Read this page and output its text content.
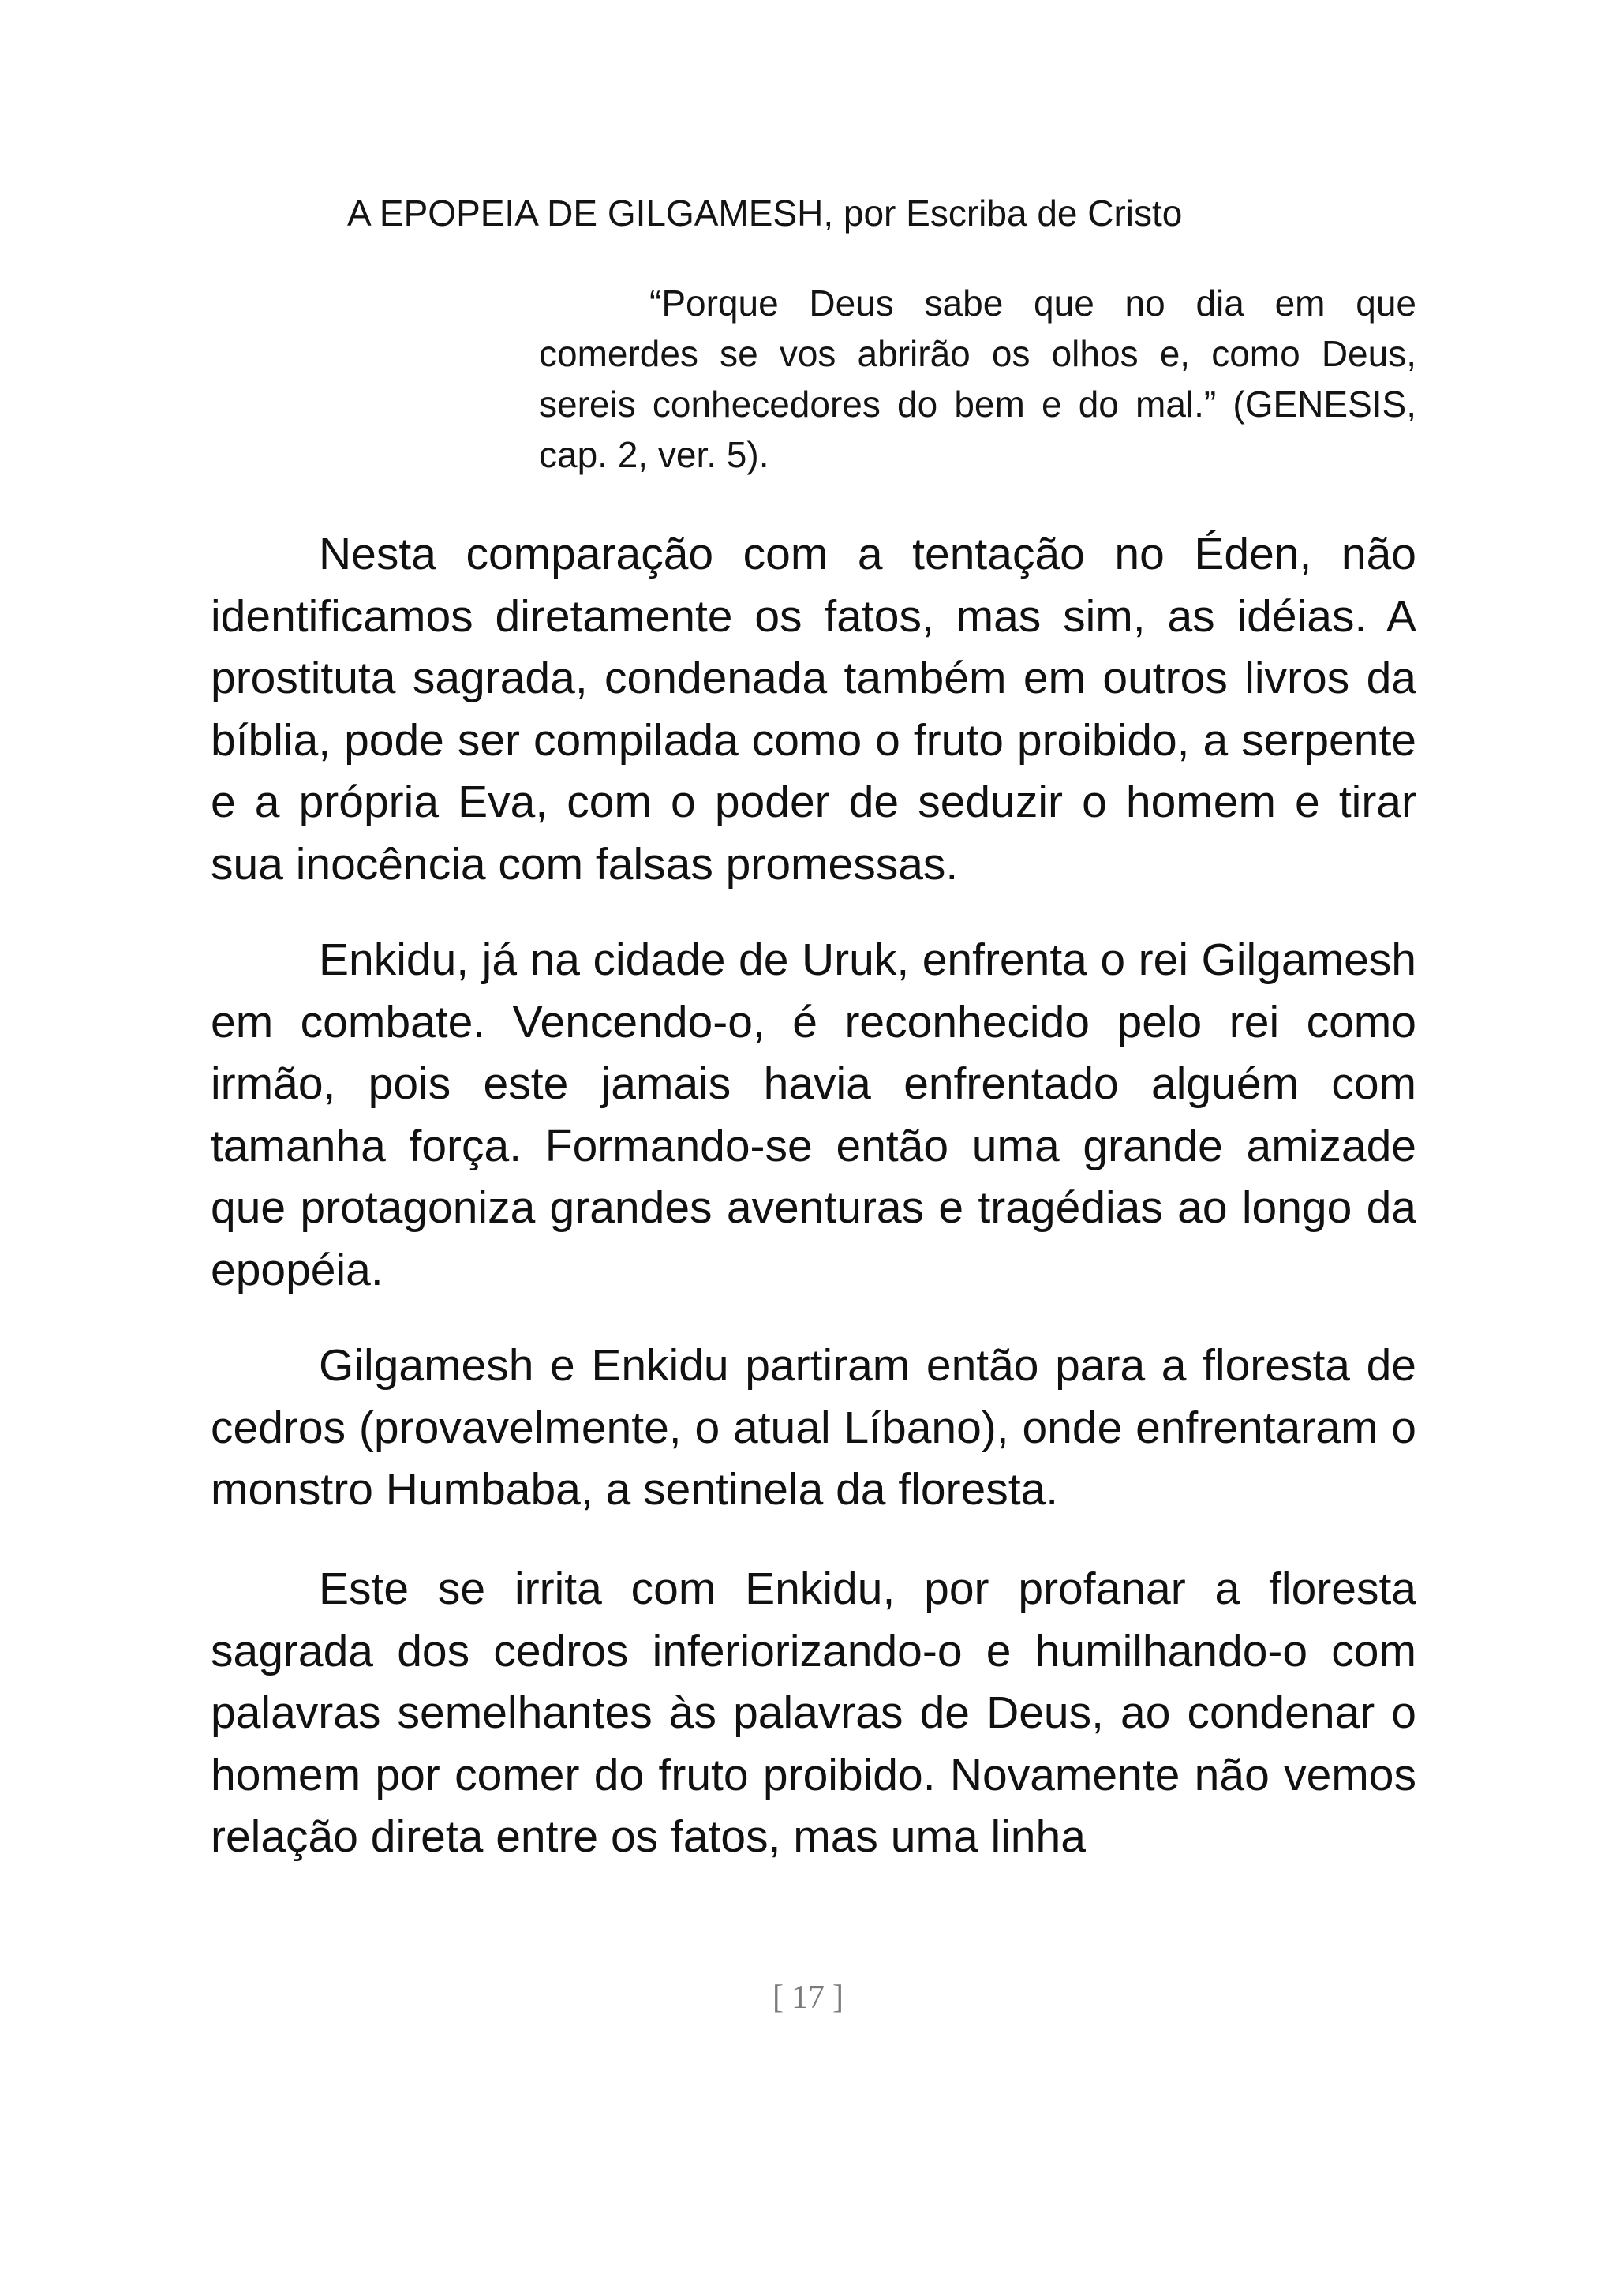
A EPOPEIA DE GILGAMESH, por Escriba de Cristo
“Porque Deus sabe que no dia em que comerdes se vos abrirão os olhos e, como Deus, sereis conhecedores do bem e do mal.” (GENESIS, cap. 2, ver. 5).
Nesta comparação com a tentação no Éden, não identificamos diretamente os fatos, mas sim, as idéias. A prostituta sagrada, condenada também em outros livros da bíblia, pode ser compilada como o fruto proibido, a serpente e a própria Eva, com o poder de seduzir o homem e tirar sua inocência com falsas promessas.
Enkidu, já na cidade de Uruk, enfrenta o rei Gilgamesh em combate. Vencendo-o, é reconhecido pelo rei como irmão, pois este jamais havia enfrentado alguém com tamanha força. Formando-se então uma grande amizade que protagoniza grandes aventuras e tragédias ao longo da epopéia.
Gilgamesh e Enkidu partiram então para a floresta de cedros (provavelmente, o atual Líbano), onde enfrentaram o monstro Humbaba, a sentinela da floresta.
Este se irrita com Enkidu, por profanar a floresta sagrada dos cedros inferiorizando-o e humilhando-o com palavras semelhantes às palavras de Deus, ao condenar o homem por comer do fruto proibido. Novamente não vemos relação direta entre os fatos, mas uma linha
[ 17 ]
